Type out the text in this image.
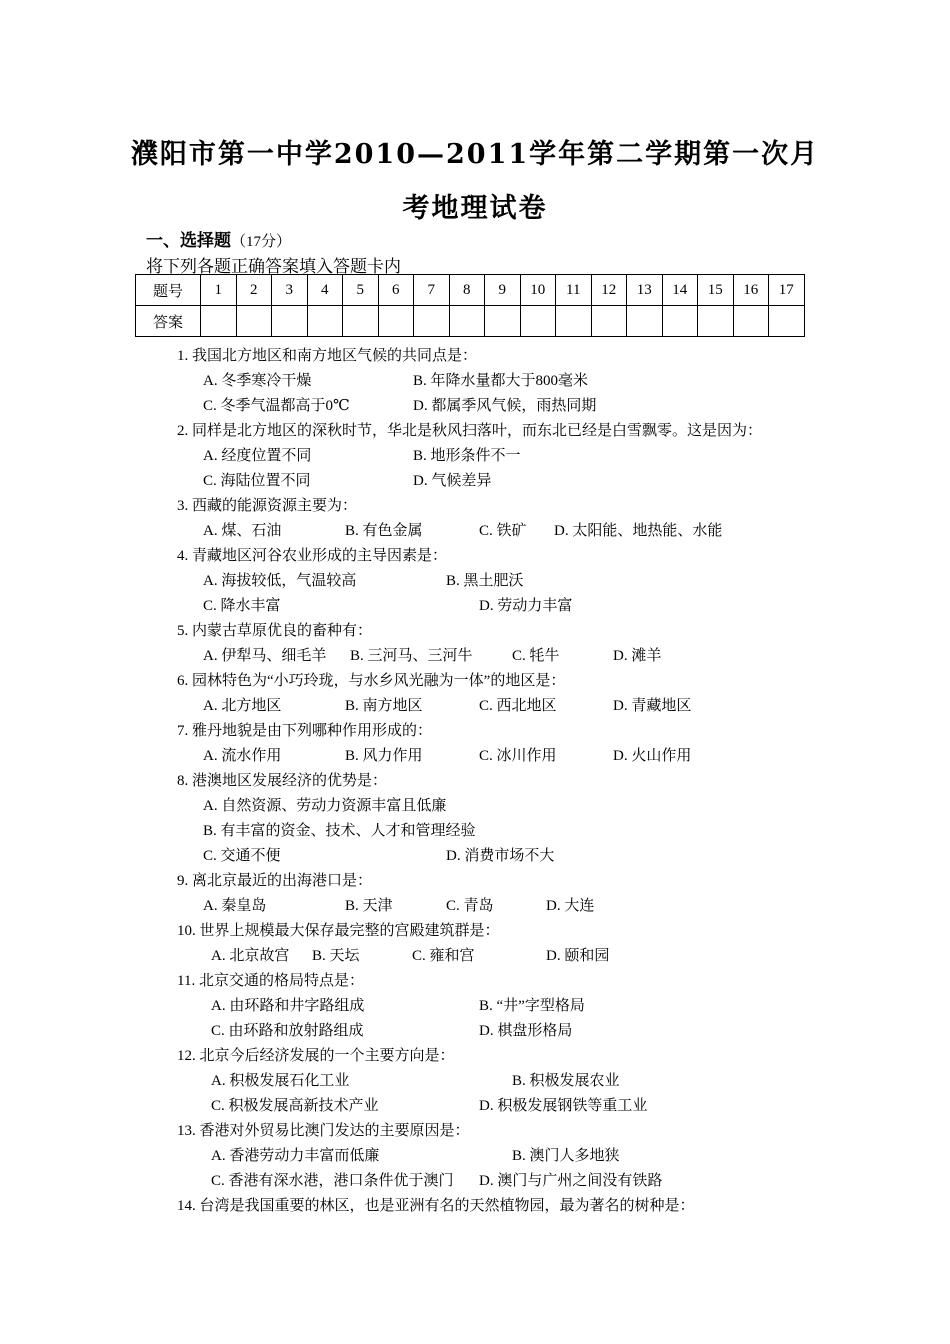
濮阳市第一中学2010—2011学年第二学期第一次月
考地理试卷
一、选择题（17分）
将下列各题正确答案填入答题卡内
题号	1	2	3	4	5	6	7	8	9	10	11	12	13	14	15	16	17
答案																	
1. 我国北方地区和南方地区气候的共同点是：
A. 冬季寒冷干燥	B. 年降水量都大于800毫米
C. 冬季气温都高于0℃	D. 都属季风气候，雨热同期
2. 同样是北方地区的深秋时节，华北是秋风扫落叶，而东北已经是白雪飘零。这是因为：
A. 经度位置不同	B. 地形条件不一
C. 海陆位置不同	D. 气候差异
3. 西藏的能源资源主要为：
A. 煤、石油	B. 有色金属	C. 铁矿 D. 太阳能、地热能、水能
4. 青藏地区河谷农业形成的主导因素是：
A. 海拔较低，气温较高	B. 黑土肥沃
C. 降水丰富	D. 劳动力丰富
5. 内蒙古草原优良的畜种有：
A. 伊犁马、细毛羊 B. 三河马、三河牛	C. 牦牛	D. 滩羊
6. 园林特色为“小巧玲珑，与水乡风光融为一体”的地区是：
A. 北方地区	B. 南方地区	C. 西北地区	D. 青藏地区
7. 雅丹地貌是由下列哪种作用形成的：
A. 流水作用	B. 风力作用	C. 冰川作用	D. 火山作用
8. 港澳地区发展经济的优势是：
A. 自然资源、劳动力资源丰富且低廉
B. 有丰富的资金、技术、人才和管理经验
C. 交通不便	D. 消费市场不大
9. 离北京最近的出海港口是：
A. 秦皇岛	B. 天津	C. 青岛	D. 大连
10. 世界上规模最大保存最完整的宫殿建筑群是：
A. 北京故宫 B. 天坛	C. 雍和宫	D. 颐和园
11. 北京交通的格局特点是：
A. 由环路和井字路组成	B. “井”字型格局
C. 由环路和放射路组成	D. 棋盘形格局
12. 北京今后经济发展的一个主要方向是：
A. 积极发展石化工业	B. 积极发展农业
C. 积极发展高新技术产业	D. 积极发展钢铁等重工业
13. 香港对外贸易比澳门发达的主要原因是：
A. 香港劳动力丰富而低廉	B. 澳门人多地狭
C. 香港有深水港，港口条件优于澳门 D. 澳门与广州之间没有铁路
14. 台湾是我国重要的林区，也是亚洲有名的天然植物园，最为著名的树种是：
